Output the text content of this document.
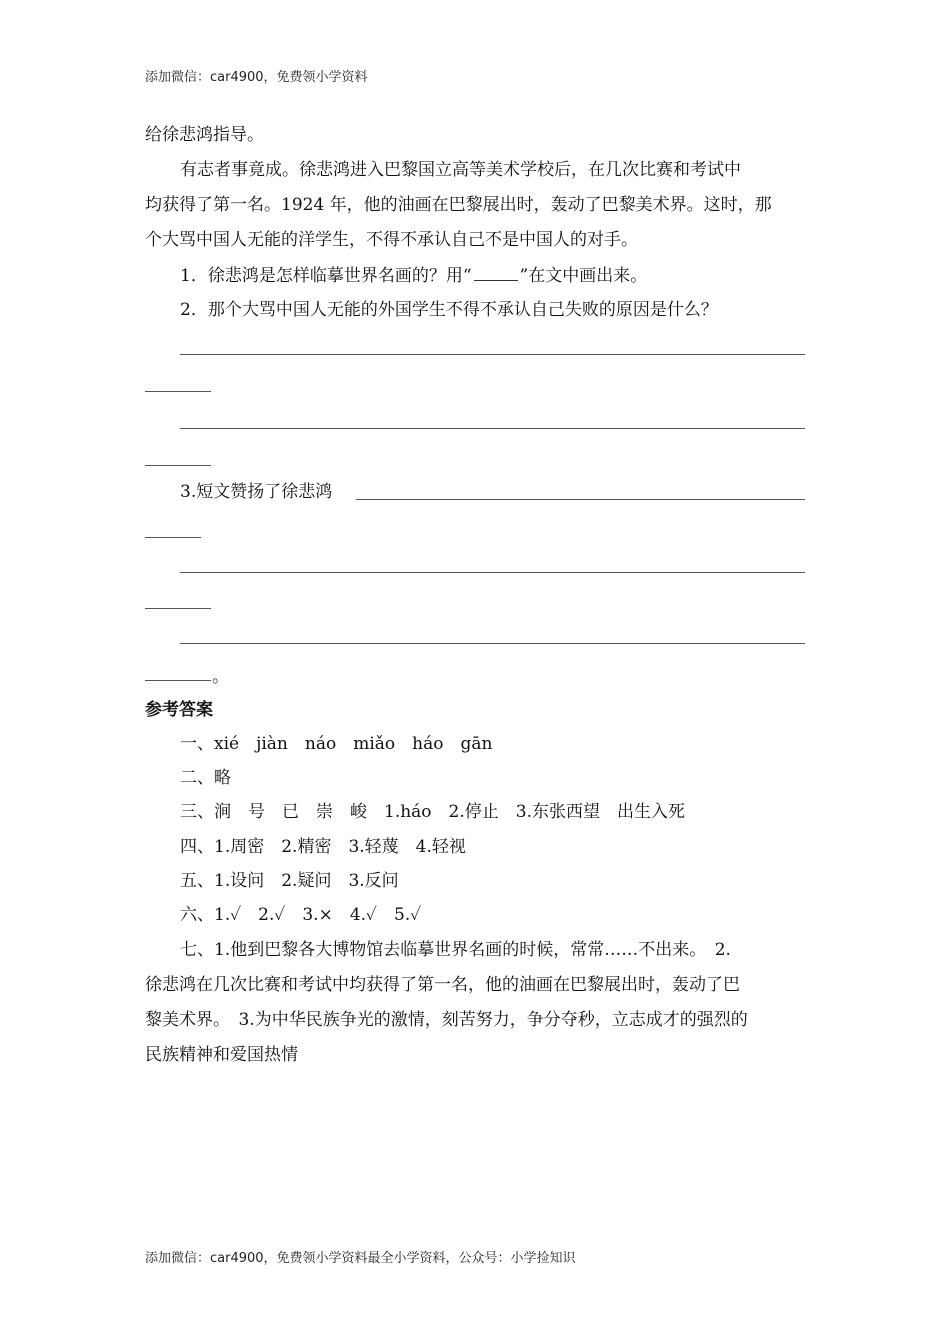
添加微信：car4900，免费领小学资料
给徐悲鸿指导。
有志者事竟成。徐悲鸿进入巴黎国立高等美术学校后，在几次比赛和考试中
均获得了第一名。1924 年，他的油画在巴黎展出时，轰动了巴黎美术界。这时，那
个大骂中国人无能的洋学生，不得不承认自己不是中国人的对手。
1．徐悲鸿是怎样临摹世界名画的？用“	”在文中画出来。
2．那个大骂中国人无能的外国学生不得不承认自己失败的原因是什么？
3.短文赞扬了徐悲鸿
。
参考答案
一、xié　jiàn　náo　miǎo　háo　gān
二、略
三、涧　号　已　崇　峻　1.háo　2.停止　3.东张西望　出生入死
四、1.周密　2.精密　3.轻蔑　4.轻视
五、1.设问　2.疑问　3.反问
六、1.✓　2.✓　3.×　4.✓　5.✓
七、1.他到巴黎各大博物馆去临摹世界名画的时候，常常……不出来。　2.
徐悲鸿在几次比赛和考试中均获得了第一名，他的油画在巴黎展出时，轰动了巴
黎美术界。　3.为中华民族争光的激情，刻苦努力，争分夺秒，立志成才的强烈的
民族精神和爱国热情
添加微信：car4900，免费领小学资料最全小学资料，公众号：小学捡知识
